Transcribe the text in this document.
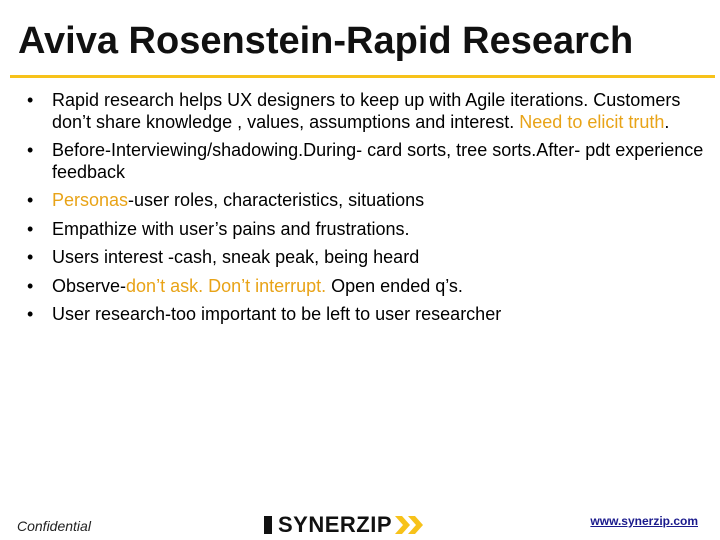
Aviva Rosenstein-Rapid Research
• Rapid research helps UX designers to keep up with Agile iterations. Customers don’t share knowledge , values, assumptions and interest. Need to elicit truth.
• Before-Interviewing/shadowing.During- card sorts, tree sorts.After- pdt experience feedback
• Personas-user roles, characteristics, situations
• Empathize with user’s pains and frustrations.
• Users interest -cash, sneak peak, being heard
• Observe-don’t ask. Don’t interrupt. Open ended q’s.
• User research-too important to be left to user researcher
Confidential	SYNERZIP	www.synerzip.com
